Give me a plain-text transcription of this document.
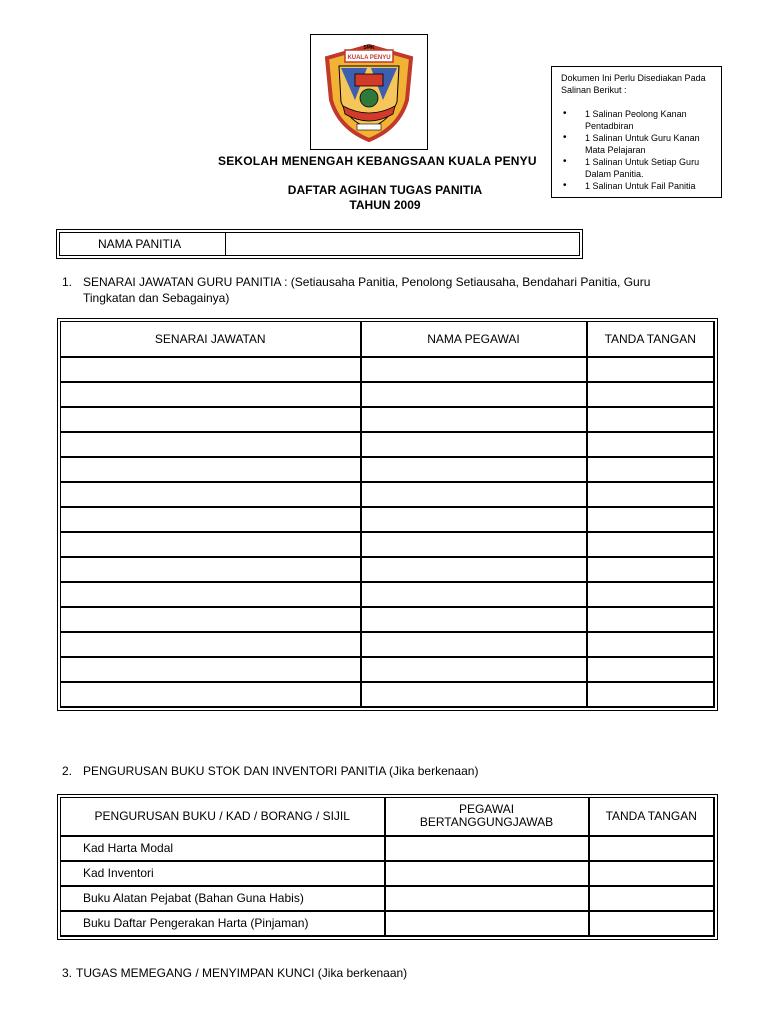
KUALA PENYU
SMK
Dokumen Ini Perlu Disediakan Pada Salinan Berikut :
• 1 Salinan Peolong Kanan Pentadbiran
• 1 Salinan Untuk Guru Kanan Mata Pelajaran
• 1 Salinan Untuk Setiap Guru Dalam Panitia.
• 1 Salinan Untuk Fail Panitia
SEKOLAH MENENGAH KEBANGSAAN KUALA PENYU
DAFTAR AGIHAN TUGAS PANITIA
TAHUN 2009
NAMA PANITIA	
1. SENARAI JAWATAN GURU PANITIA : (Setiausaha Panitia, Penolong Setiausaha, Bendahari Panitia, Guru
Tingkatan dan Sebagainya)
SENARAI JAWATAN	NAMA PEGAWAI	TANDA TANGAN

2. PENGURUSAN BUKU STOK DAN INVENTORI PANITIA (Jika berkenaan)
PENGURUSAN BUKU / KAD / BORANG / SIJIL	PEGAWAI BERTANGGUNGJAWAB	TANDA TANGAN
Kad Harta Modal		
Kad Inventori		
Buku Alatan Pejabat (Bahan Guna Habis)		
Buku Daftar Pengerakan Harta (Pinjaman)		
3. TUGAS MEMEGANG / MENYIMPAN KUNCI (Jika berkenaan)
